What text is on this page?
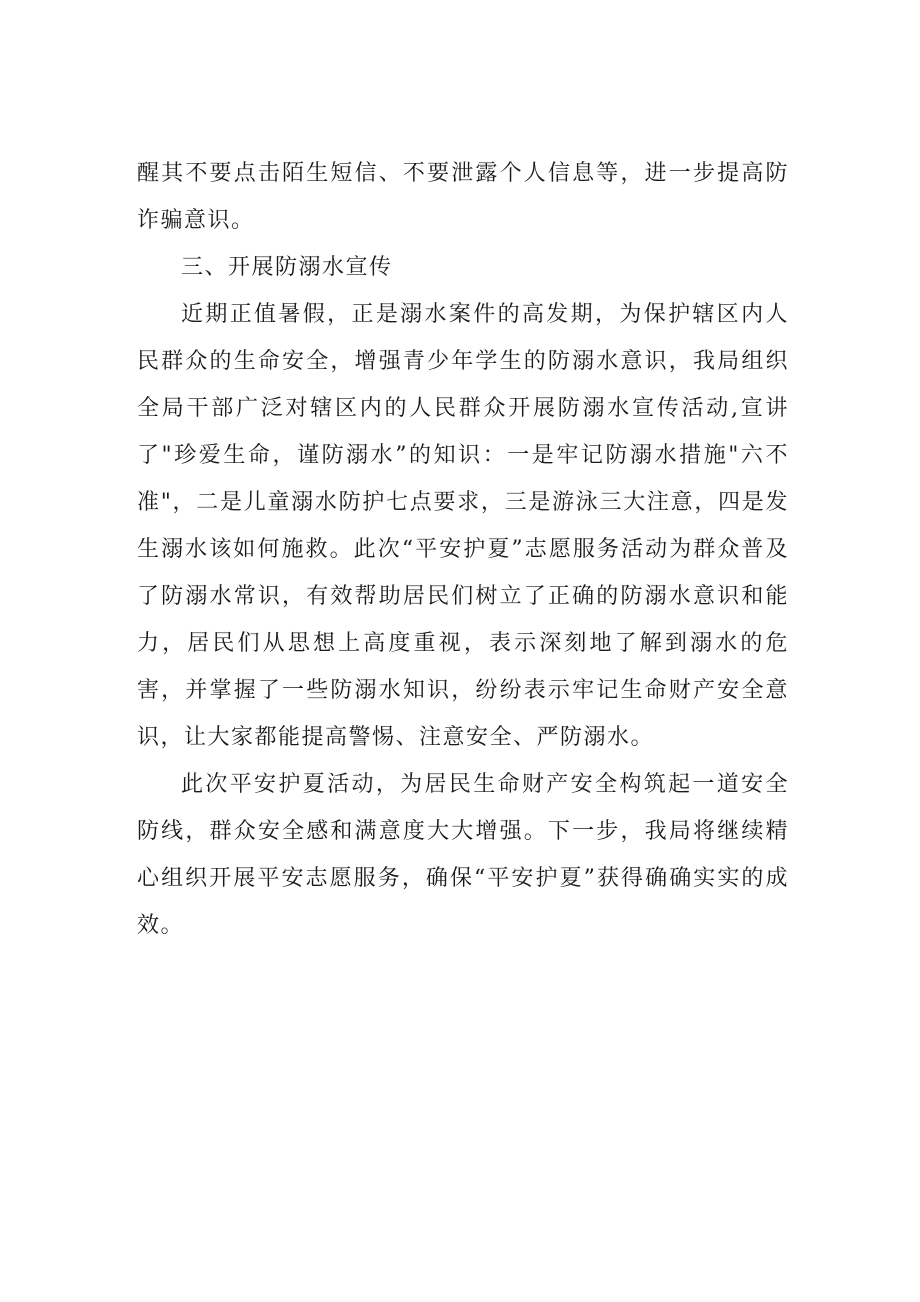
醒其不要点击陌生短信、不要泄露个人信息等，进一步提高防诈骗意识。

三、开展防溺水宣传

近期正值暑假，正是溺水案件的高发期，为保护辖区内人民群众的生命安全，增强青少年学生的防溺水意识，我局组织全局干部广泛对辖区内的人民群众开展防溺水宣传活动,宣讲了"珍爱生命，谨防溺水”的知识：一是牢记防溺水措施"六不准"，二是儿童溺水防护七点要求，三是游泳三大注意，四是发生溺水该如何施救。此次“平安护夏”志愿服务活动为群众普及了防溺水常识，有效帮助居民们树立了正确的防溺水意识和能力，居民们从思想上高度重视，表示深刻地了解到溺水的危害，并掌握了一些防溺水知识，纷纷表示牢记生命财产安全意识，让大家都能提高警惕、注意安全、严防溺水。

此次平安护夏活动，为居民生命财产安全构筑起一道安全防线，群众安全感和满意度大大增强。下一步，我局将继续精心组织开展平安志愿服务，确保“平安护夏”获得确确实实的成效。
